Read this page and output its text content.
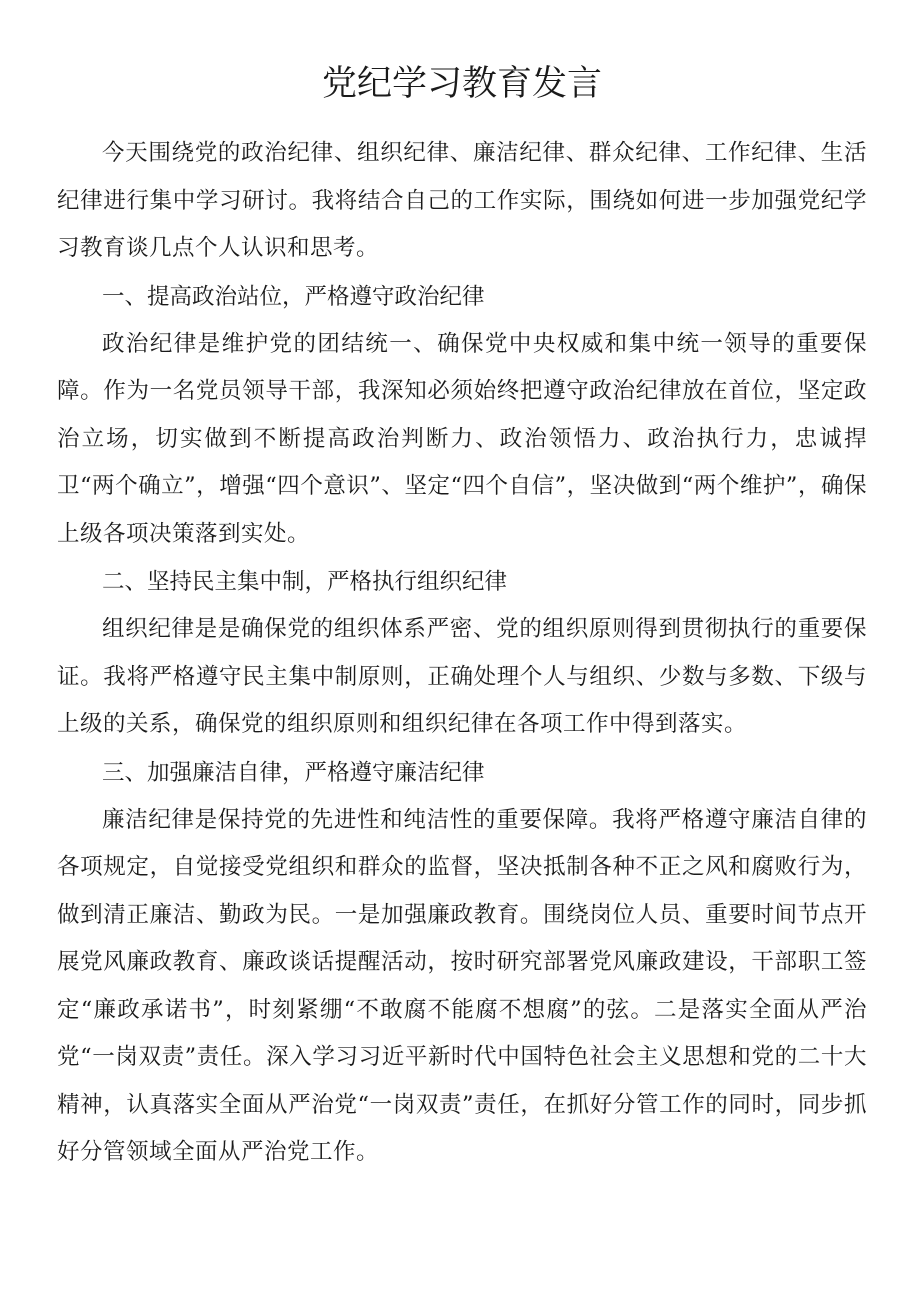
党纪学习教育发言

今天围绕党的政治纪律、组织纪律、廉洁纪律、群众纪律、工作纪律、生活纪律进行集中学习研讨。我将结合自己的工作实际，围绕如何进一步加强党纪学习教育谈几点个人认识和思考。

一、提高政治站位，严格遵守政治纪律

政治纪律是维护党的团结统一、确保党中央权威和集中统一领导的重要保障。作为一名党员领导干部，我深知必须始终把遵守政治纪律放在首位，坚定政治立场，切实做到不断提高政治判断力、政治领悟力、政治执行力，忠诚捍卫“两个确立”，增强“四个意识”、坚定“四个自信”，坚决做到“两个维护”，确保上级各项决策落到实处。

二、坚持民主集中制，严格执行组织纪律

组织纪律是是确保党的组织体系严密、党的组织原则得到贯彻执行的重要保证。我将严格遵守民主集中制原则，正确处理个人与组织、少数与多数、下级与上级的关系，确保党的组织原则和组织纪律在各项工作中得到落实。

三、加强廉洁自律，严格遵守廉洁纪律

廉洁纪律是保持党的先进性和纯洁性的重要保障。我将严格遵守廉洁自律的各项规定，自觉接受党组织和群众的监督，坚决抵制各种不正之风和腐败行为，做到清正廉洁、勤政为民。一是加强廉政教育。围绕岗位人员、重要时间节点开展党风廉政教育、廉政谈话提醒活动，按时研究部署党风廉政建设，干部职工签定“廉政承诺书”，时刻紧绷“不敢腐不能腐不想腐”的弦。二是落实全面从严治党“一岗双责”责任。深入学习习近平新时代中国特色社会主义思想和党的二十大精神，认真落实全面从严治党“一岗双责”责任，在抓好分管工作的同时，同步抓好分管领域全面从严治党工作。
